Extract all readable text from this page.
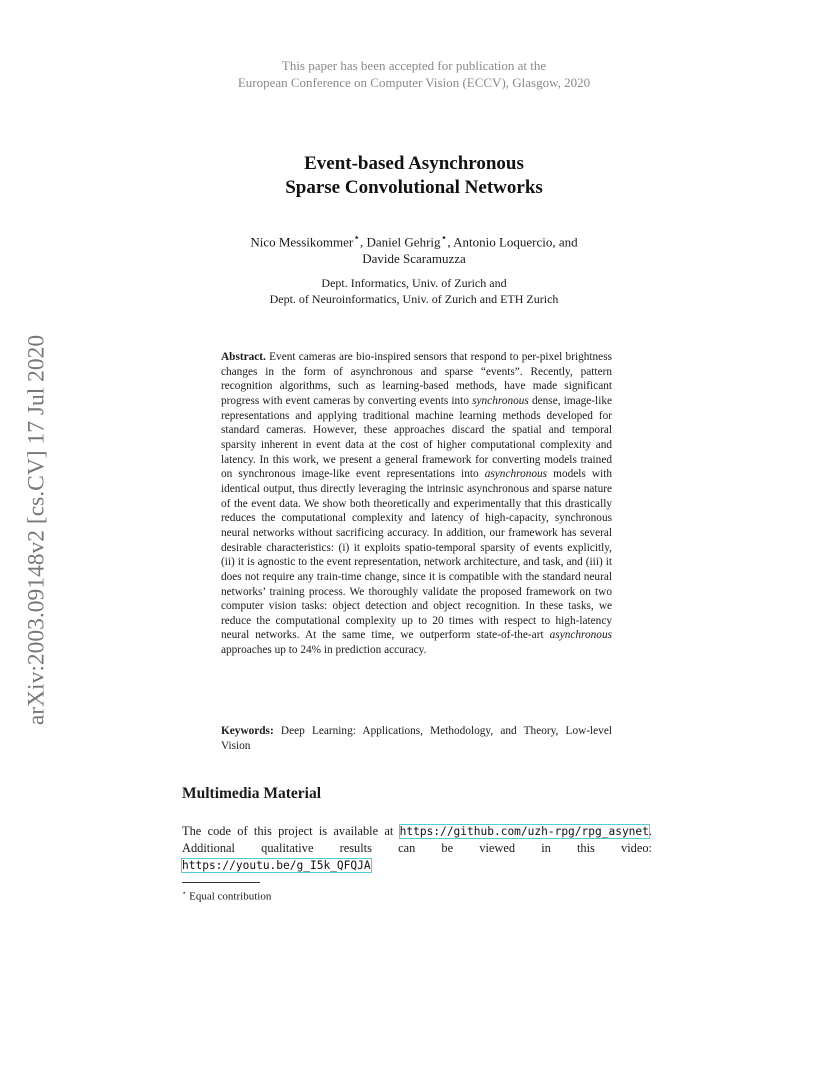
arXiv:2003.09148v2 [cs.CV] 17 Jul 2020
This paper has been accepted for publication at the
European Conference on Computer Vision (ECCV), Glasgow, 2020
Event-based Asynchronous
Sparse Convolutional Networks
Nico Messikommer⋆, Daniel Gehrig⋆, Antonio Loquercio, and
Davide Scaramuzza
Dept. Informatics, Univ. of Zurich and
Dept. of Neuroinformatics, Univ. of Zurich and ETH Zurich
Abstract. Event cameras are bio-inspired sensors that respond to per-pixel brightness changes in the form of asynchronous and sparse “events”. Recently, pattern recognition algorithms, such as learning-based methods, have made significant progress with event cameras by converting events into synchronous dense, image-like representations and applying traditional machine learning methods developed for standard cameras. However, these approaches discard the spatial and temporal sparsity inherent in event data at the cost of higher computational complexity and latency. In this work, we present a general framework for converting models trained on synchronous image-like event representations into asynchronous models with identical output, thus directly leveraging the intrinsic asynchronous and sparse nature of the event data. We show both theoretically and experimentally that this drastically reduces the computational complexity and latency of high-capacity, synchronous neural networks without sacrificing accuracy. In addition, our framework has several desirable characteristics: (i) it exploits spatio-temporal sparsity of events explicitly, (ii) it is agnostic to the event representation, network architecture, and task, and (iii) it does not require any train-time change, since it is compatible with the standard neural networks’ training process. We thoroughly validate the proposed framework on two computer vision tasks: object detection and object recognition. In these tasks, we reduce the computational complexity up to 20 times with respect to high-latency neural networks. At the same time, we outperform state-of-the-art asynchronous approaches up to 24% in prediction accuracy.
Keywords: Deep Learning: Applications, Methodology, and Theory, Low-level Vision
Multimedia Material
The code of this project is available at https://github.com/uzh-rpg/rpg_asynet. Additional qualitative results can be viewed in this video: https://youtu.be/g_I5k_QFQJA
⋆ Equal contribution
